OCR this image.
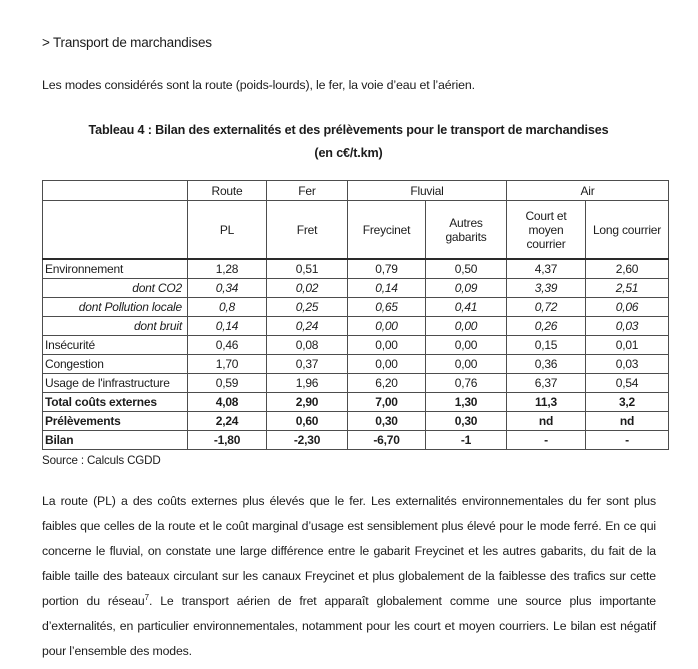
> Transport de marchandises
Les modes considérés sont la route (poids-lourds), le fer, la voie d’eau et l’aérien.
Tableau 4 : Bilan des externalités et des prélèvements pour le transport de marchandises
(en c€/t.km)
	Route	Fer	Fluvial		Air	
	PL	Fret	Freycinet	Autres gabarits	Court et moyen courrier	Long courrier
Environnement	1,28	0,51	0,79	0,50	4,37	2,60
dont CO2	0,34	0,02	0,14	0,09	3,39	2,51
dont Pollution locale	0,8	0,25	0,65	0,41	0,72	0,06
dont bruit	0,14	0,24	0,00	0,00	0,26	0,03
Insécurité	0,46	0,08	0,00	0,00	0,15	0,01
Congestion	1,70	0,37	0,00	0,00	0,36	0,03
Usage de l'infrastructure	0,59	1,96	6,20	0,76	6,37	0,54
Total coûts externes	4,08	2,90	7,00	1,30	11,3	3,2
Prélèvements	2,24	0,60	0,30	0,30	nd	nd
Bilan	-1,80	-2,30	-6,70	-1	-	-
Source : Calculs CGDD

La route (PL) a des coûts externes plus élevés que le fer. Les externalités environnementales du fer sont plus faibles que celles de la route et le coût marginal d’usage est sensiblement plus élevé pour le mode ferré. En ce qui concerne le fluvial, on constate une large différence entre le gabarit Freycinet et les autres gabarits, du fait de la faible taille des bateaux circulant sur les canaux Freycinet et plus globalement de la faiblesse des trafics sur cette portion du réseau$^7$. Le transport aérien de fret apparaît globalement comme une source plus importante d’externalités, en particulier environnementales, notamment pour les court et moyen courriers. Le bilan est négatif pour l’ensemble des modes.
